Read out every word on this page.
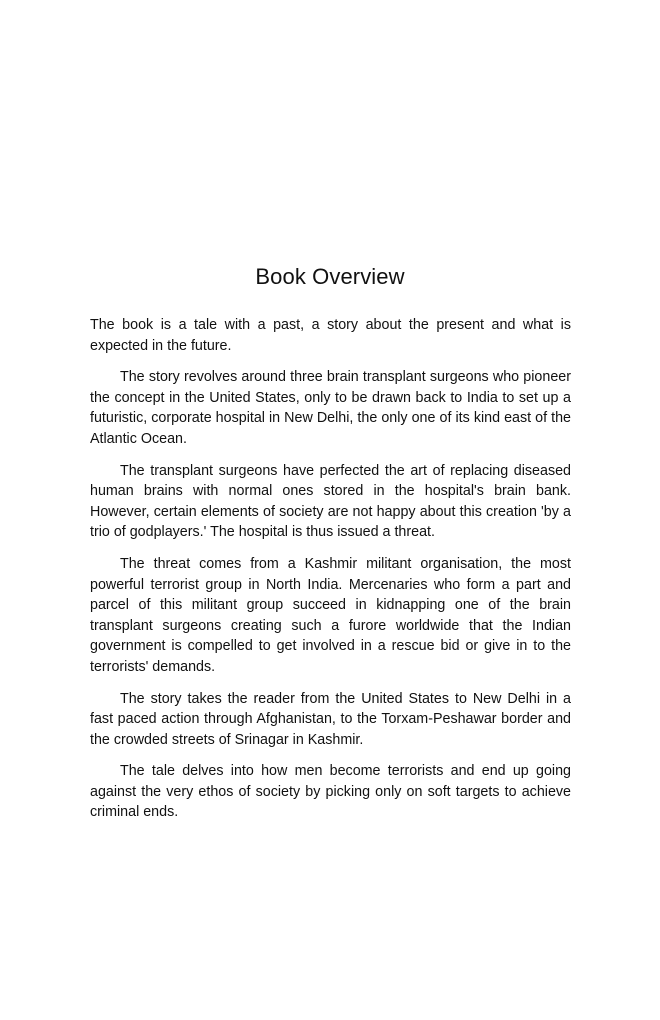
Book Overview

The book is a tale with a past, a story about the present and what is expected in the future.

The story revolves around three brain transplant surgeons who pioneer the concept in the United States, only to be drawn back to India to set up a futuristic, corporate hospital in New Delhi, the only one of its kind east of the Atlantic Ocean.

The transplant surgeons have perfected the art of replacing diseased human brains with normal ones stored in the hospital's brain bank. However, certain elements of society are not happy about this creation 'by a trio of godplayers.' The hospital is thus issued a threat.

The threat comes from a Kashmir militant organisation, the most powerful terrorist group in North India. Mercenaries who form a part and parcel of this militant group succeed in kidnapping one of the brain transplant surgeons creating such a furore worldwide that the Indian government is compelled to get involved in a rescue bid or give in to the terrorists' demands.

The story takes the reader from the United States to New Delhi in a fast paced action through Afghanistan, to the Torxam-Peshawar border and the crowded streets of Srinagar in Kashmir.

The tale delves into how men become terrorists and end up going against the very ethos of society by picking only on soft targets to achieve criminal ends.
